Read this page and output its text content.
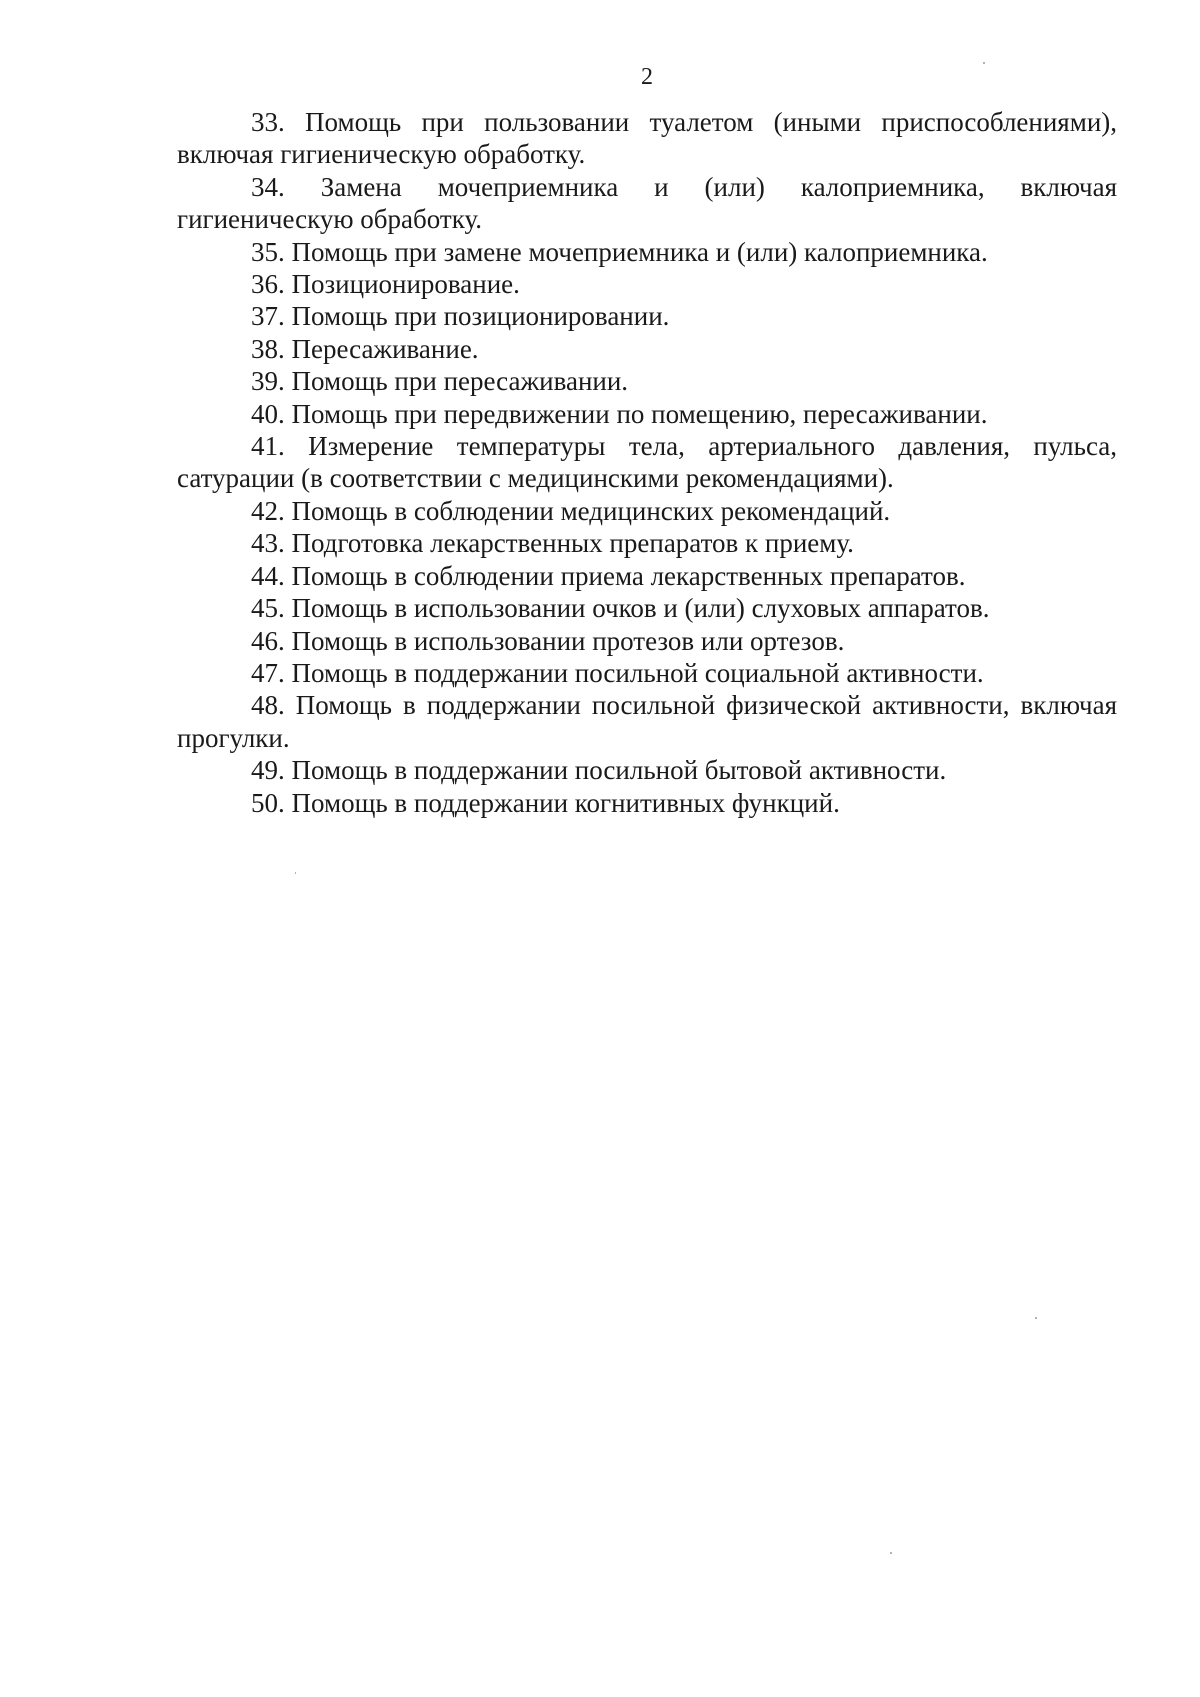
2

33. Помощь при пользовании туалетом (иными приспособлениями), включая гигиеническую обработку.

34. Замена мочеприемника и (или) калоприемника, включая гигиеническую обработку.

35. Помощь при замене мочеприемника и (или) калоприемника.

36. Позиционирование.

37. Помощь при позиционировании.

38. Пересаживание.

39. Помощь при пересаживании.

40. Помощь при передвижении по помещению, пересаживании.

41. Измерение температуры тела, артериального давления, пульса, сатурации (в соответствии с медицинскими рекомендациями).

42. Помощь в соблюдении медицинских рекомендаций.

43. Подготовка лекарственных препаратов к приему.

44. Помощь в соблюдении приема лекарственных препаратов.

45. Помощь в использовании очков и (или) слуховых аппаратов.

46. Помощь в использовании протезов или ортезов.

47. Помощь в поддержании посильной социальной активности.

48. Помощь в поддержании посильной физической активности, включая прогулки.

49. Помощь в поддержании посильной бытовой активности.

50. Помощь в поддержании когнитивных функций.
